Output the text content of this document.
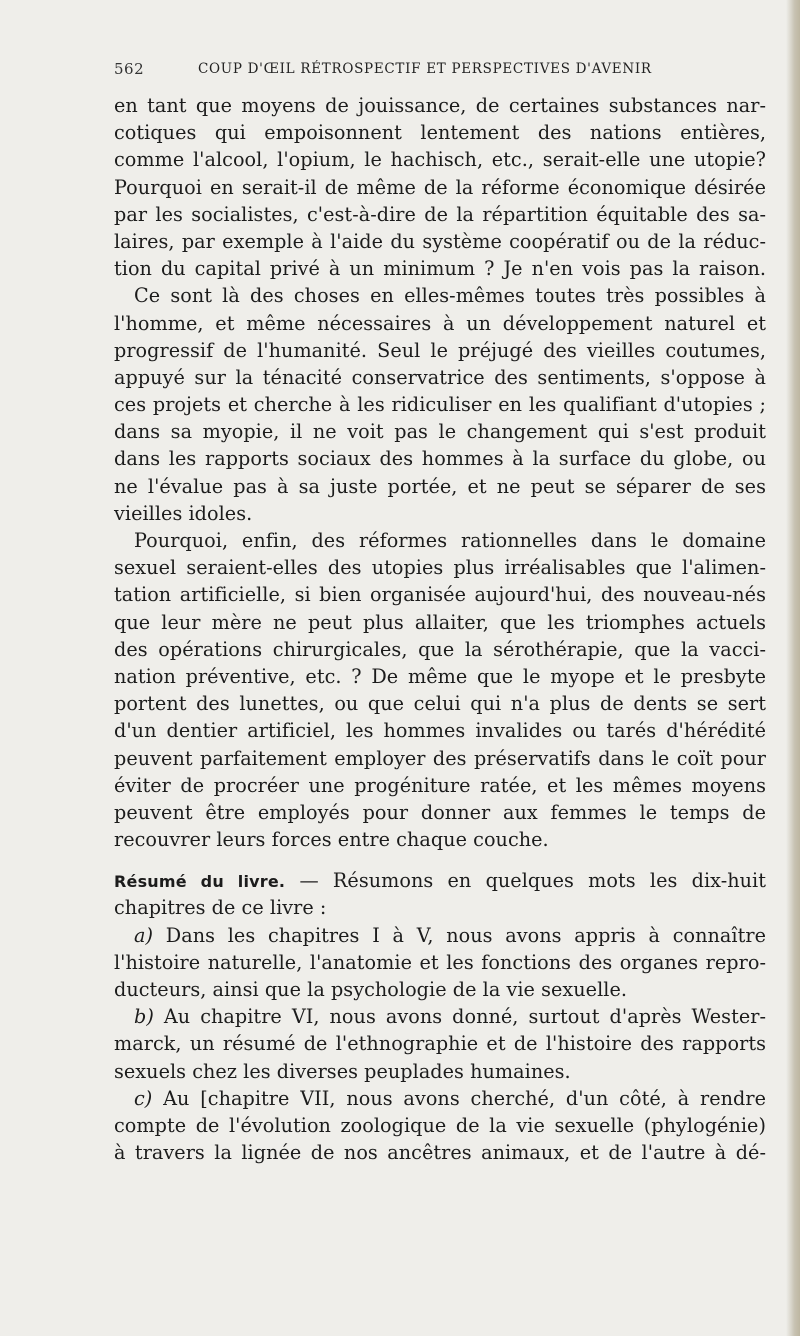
562	COUP D'ŒIL RÉTROSPECTIF ET PERSPECTIVES D'AVENIR
en tant que moyens de jouissance, de certaines substances nar-
cotiques qui empoisonnent lentement des nations entières,
comme l'alcool, l'opium, le hachisch, etc., serait-elle une utopie?
Pourquoi en serait-il de même de la réforme économique désirée
par les socialistes, c'est-à-dire de la répartition équitable des sa-
laires, par exemple à l'aide du système coopératif ou de la réduc-
tion du capital privé à un minimum ? Je n'en vois pas la raison.
Ce sont là des choses en elles-mêmes toutes très possibles à
l'homme, et même nécessaires à un développement naturel et
progressif de l'humanité. Seul le préjugé des vieilles coutumes,
appuyé sur la ténacité conservatrice des sentiments, s'oppose à
ces projets et cherche à les ridiculiser en les qualifiant d'utopies ;
dans sa myopie, il ne voit pas le changement qui s'est produit
dans les rapports sociaux des hommes à la surface du globe, ou
ne l'évalue pas à sa juste portée, et ne peut se séparer de ses
vieilles idoles.
Pourquoi, enfin, des réformes rationnelles dans le domaine
sexuel seraient-elles des utopies plus irréalisables que l'alimen-
tation artificielle, si bien organisée aujourd'hui, des nouveau-nés
que leur mère ne peut plus allaiter, que les triomphes actuels
des opérations chirurgicales, que la sérothérapie, que la vacci-
nation préventive, etc. ? De même que le myope et le presbyte
portent des lunettes, ou que celui qui n'a plus de dents se sert
d'un dentier artificiel, les hommes invalides ou tarés d'hérédité
peuvent parfaitement employer des préservatifs dans le coït pour
éviter de procréer une progéniture ratée, et les mêmes moyens
peuvent être employés pour donner aux femmes le temps de
recouvrer leurs forces entre chaque couche.
Résumé du livre. — Résumons en quelques mots les dix-huit
chapitres de ce livre :
a) Dans les chapitres I à V, nous avons appris à connaître
l'histoire naturelle, l'anatomie et les fonctions des organes repro-
ducteurs, ainsi que la psychologie de la vie sexuelle.
b) Au chapitre VI, nous avons donné, surtout d'après Wester-
marck, un résumé de l'ethnographie et de l'histoire des rapports
sexuels chez les diverses peuplades humaines.
c) Au [chapitre VII, nous avons cherché, d'un côté, à rendre
compte de l'évolution zoologique de la vie sexuelle (phylogénie)
à travers la lignée de nos ancêtres animaux, et de l'autre à dé-
